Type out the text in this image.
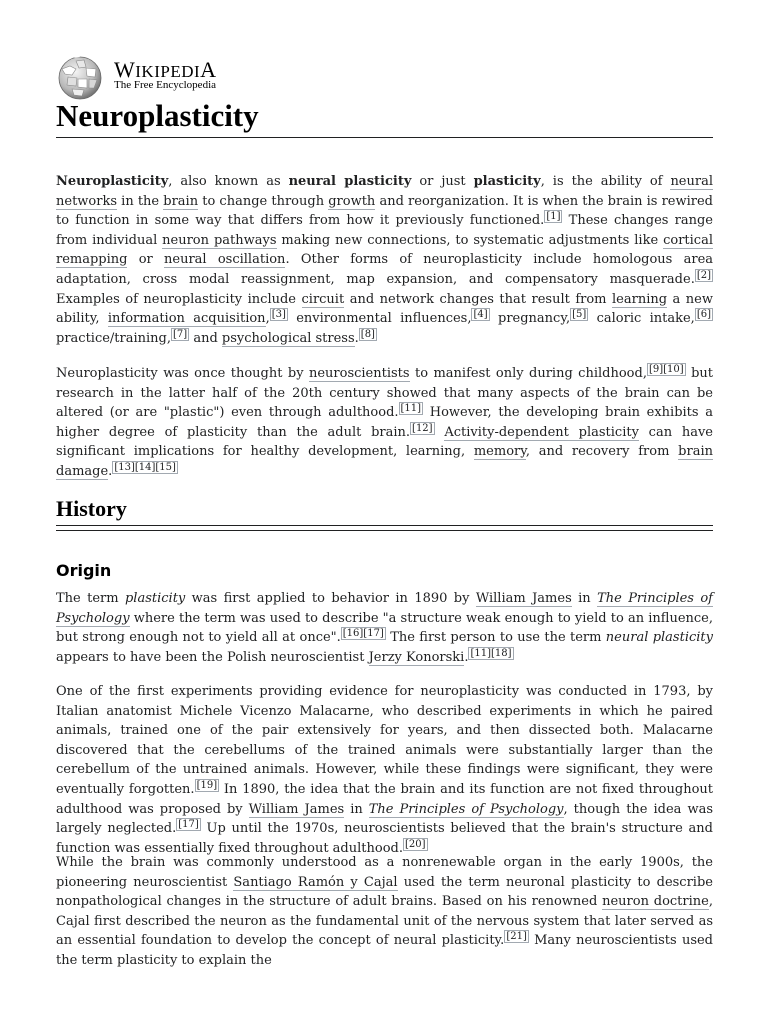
WIKIPEDIA
The Free Encyclopedia
Neuroplasticity

Neuroplasticity, also known as neural plasticity or just plasticity, is the ability of neural networks in the brain to change through growth and reorganization. It is when the brain is rewired to function in some way that differs from how it previously functioned. [1] These changes range from individual neuron pathways making new connections, to systematic adjustments like cortical remapping or neural oscillation. Other forms of neuroplasticity include homologous area adaptation, cross modal reassignment, map expansion, and compensatory masquerade. [2] Examples of neuroplasticity include circuit and network changes that result from learning a new ability, information acquisition, [3] environmental influences, [4] pregnancy, [5] caloric intake, [6] practice/training, [7] and psychological stress. [8]

Neuroplasticity was once thought by neuroscientists to manifest only during childhood, [9][10] but research in the latter half of the 20th century showed that many aspects of the brain can be altered (or are "plastic") even through adulthood. [11] However, the developing brain exhibits a higher degree of plasticity than the adult brain. [12] Activity-dependent plasticity can have significant implications for healthy development, learning, memory, and recovery from brain damage. [13][14][15]

History
Origin

The term plasticity was first applied to behavior in 1890 by William James in The Principles of Psychology where the term was used to describe "a structure weak enough to yield to an influence, but strong enough not to yield all at once". [16][17] The first person to use the term neural plasticity appears to have been the Polish neuroscientist Jerzy Konorski. [11][18]

One of the first experiments providing evidence for neuroplasticity was conducted in 1793, by Italian anatomist Michele Vicenzo Malacarne, who described experiments in which he paired animals, trained one of the pair extensively for years, and then dissected both. Malacarne discovered that the cerebellums of the trained animals were substantially larger than the cerebellum of the untrained animals. However, while these findings were significant, they were eventually forgotten. [19] In 1890, the idea that the brain and its function are not fixed throughout adulthood was proposed by William James in The Principles of Psychology, though the idea was largely neglected. [17] Up until the 1970s, neuroscientists believed that the brain's structure and function was essentially fixed throughout adulthood. [20]

While the brain was commonly understood as a nonrenewable organ in the early 1900s, the pioneering neuroscientist Santiago Ramón y Cajal used the term neuronal plasticity to describe nonpathological changes in the structure of adult brains. Based on his renowned neuron doctrine, Cajal first described the neuron as the fundamental unit of the nervous system that later served as an essential foundation to develop the concept of neural plasticity. [21] Many neuroscientists used the term plasticity to explain the
